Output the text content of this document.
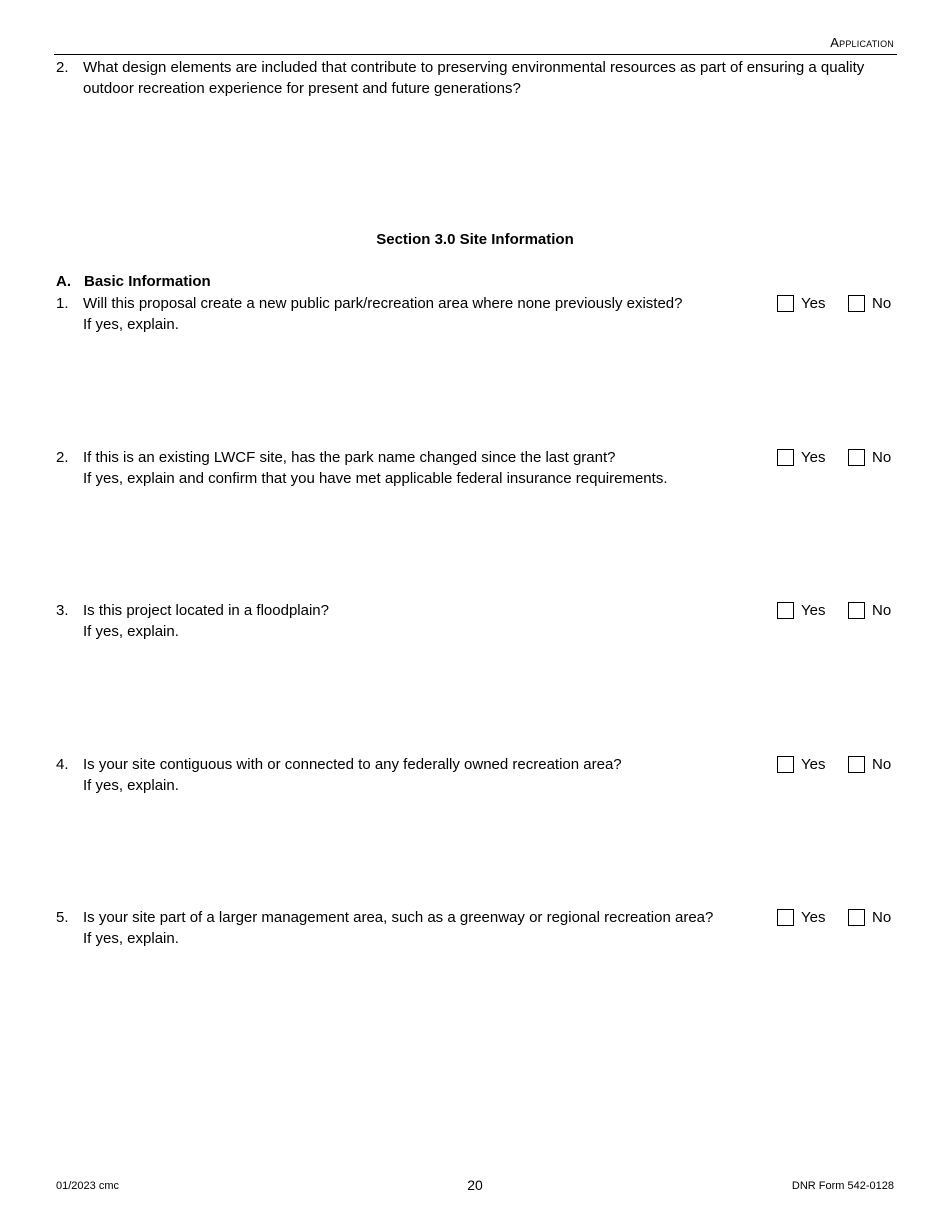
Application
2. What design elements are included that contribute to preserving environmental resources as part of ensuring a quality outdoor recreation experience for present and future generations?
Section 3.0 Site Information
A. Basic Information
1. Will this proposal create a new public park/recreation area where none previously existed?
If yes, explain.
Yes	No
2. If this is an existing LWCF site, has the park name changed since the last grant?
If yes, explain and confirm that you have met applicable federal insurance requirements.
Yes	No
3. Is this project located in a floodplain?
If yes, explain.
Yes	No
4. Is your site contiguous with or connected to any federally owned recreation area?
If yes, explain.
Yes	No
5. Is your site part of a larger management area, such as a greenway or regional recreation area?
If yes, explain.
Yes	No
01/2023 cmc	20	DNR Form 542-0128
